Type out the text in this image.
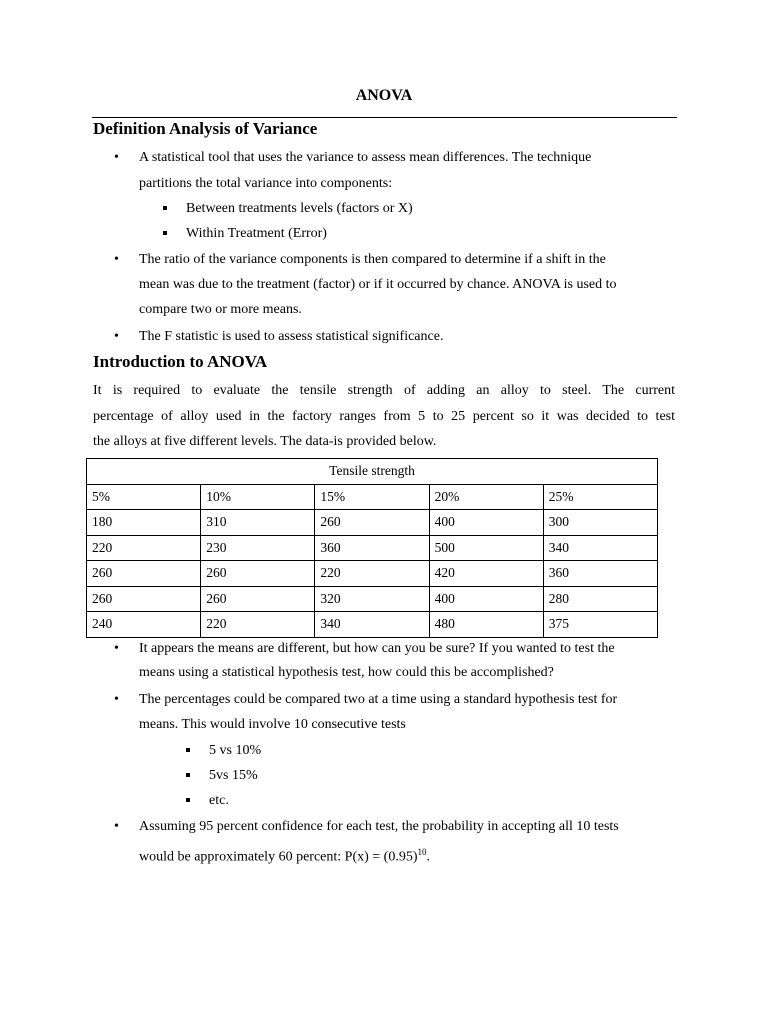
ANOVA
Definition Analysis of Variance
• A statistical tool that uses the variance to assess mean differences. The technique
partitions the total variance into components:
Between treatments levels (factors or X)
Within Treatment (Error)
• The ratio of the variance components is then compared to determine if a shift in the
mean was due to the treatment (factor) or if it occurred by chance. ANOVA is used to
compare two or more means.
• The F statistic is used to assess statistical significance.
Introduction to ANOVA
It is required to evaluate the tensile strength of adding an alloy to steel. The current
percentage of alloy used in the factory ranges from 5 to 25 percent so it was decided to test
the alloys at five different levels. The data-is provided below.
Tensile strength				
5%	10%	15%	20%	25%
180	310	260	400	300
220	230	360	500	340
260	260	220	420	360
260	260	320	400	280
240	220	340	480	375
• It appears the means are different, but how can you be sure? If you wanted to test the
means using a statistical hypothesis test, how could this be accomplished?
• The percentages could be compared two at a time using a standard hypothesis test for
means. This would involve 10 consecutive tests
5 vs 10%
5vs 15%
etc.
• Assuming 95 percent confidence for each test, the probability in accepting all 10 tests
would be approximately 60 percent: $P(x) = (0.95)^{10}$.
